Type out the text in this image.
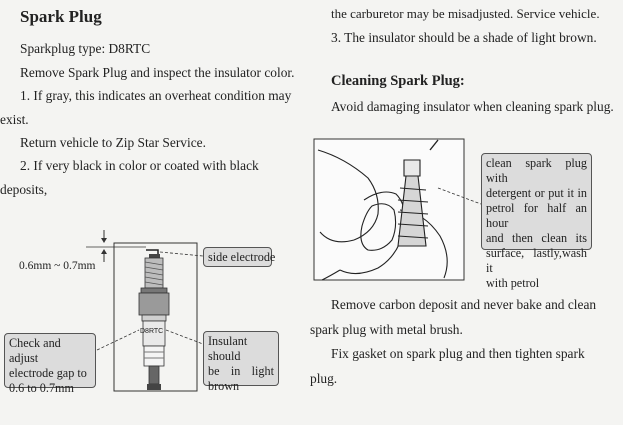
Spark Plug
Sparkplug type: D8RTC
Remove Spark Plug and inspect the insulator color.
1. If gray, this indicates an overheat condition may
exist.
Return vehicle to Zip Star Service.
2. If very black in color or coated with black
deposits,
D8RTC
0.6mm ~ 0.7mm
side electrode
Check and adjust
electrode gap to
0.6 to 0.7mm
Insulant should
be in light
brown
the carburetor may be misadjusted. Service vehicle.
3. The insulator should be a shade of light brown.
Cleaning Spark Plug:
Avoid damaging insulator when cleaning spark plug.
clean spark plug with
detergent or put it in
petrol for half an hour
and then clean its
surface, lastly,wash it
with petrol
Remove carbon deposit and never bake and clean
spark plug with metal brush.
Fix gasket on spark plug and then tighten spark
plug.
